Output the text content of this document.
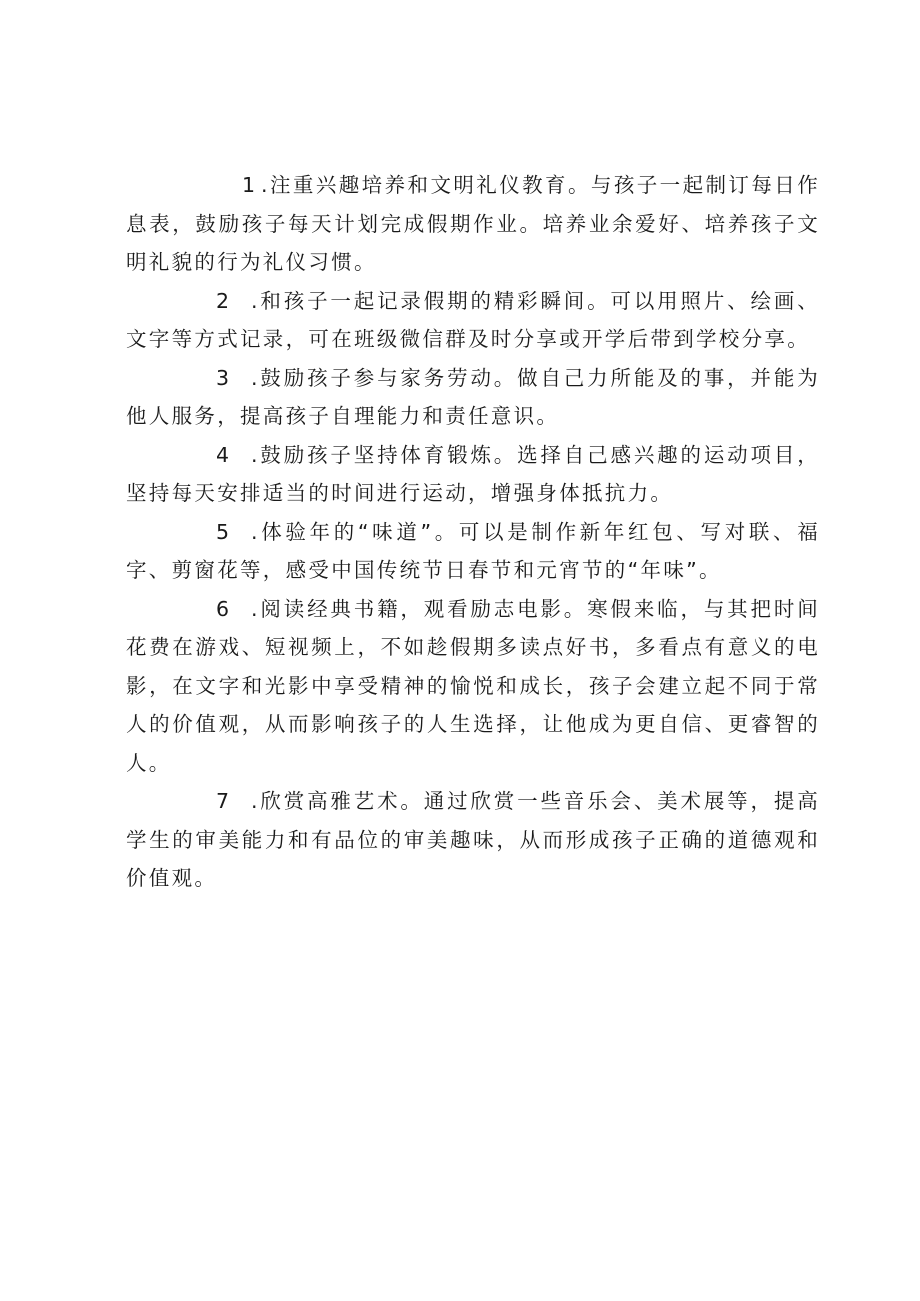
1 .注重兴趣培养和文明礼仪教育。与孩子一起制订每日作息表，鼓励孩子每天计划完成假期作业。培养业余爱好、培养孩子文明礼貌的行为礼仪习惯。

2 .和孩子一起记录假期的精彩瞬间。可以用照片、绘画、文字等方式记录，可在班级微信群及时分享或开学后带到学校分享。

3 .鼓励孩子参与家务劳动。做自己力所能及的事，并能为他人服务，提高孩子自理能力和责任意识。

4 .鼓励孩子坚持体育锻炼。选择自己感兴趣的运动项目，坚持每天安排适当的时间进行运动，增强身体抵抗力。

5 .体验年的“味道”。可以是制作新年红包、写对联、福字、剪窗花等，感受中国传统节日春节和元宵节的“年味”。

6 .阅读经典书籍，观看励志电影。寒假来临，与其把时间花费在游戏、短视频上，不如趁假期多读点好书，多看点有意义的电影，在文字和光影中享受精神的愉悦和成长，孩子会建立起不同于常人的价值观，从而影响孩子的人生选择，让他成为更自信、更睿智的人。

7 .欣赏高雅艺术。通过欣赏一些音乐会、美术展等，提高学生的审美能力和有品位的审美趣味，从而形成孩子正确的道德观和价值观。
